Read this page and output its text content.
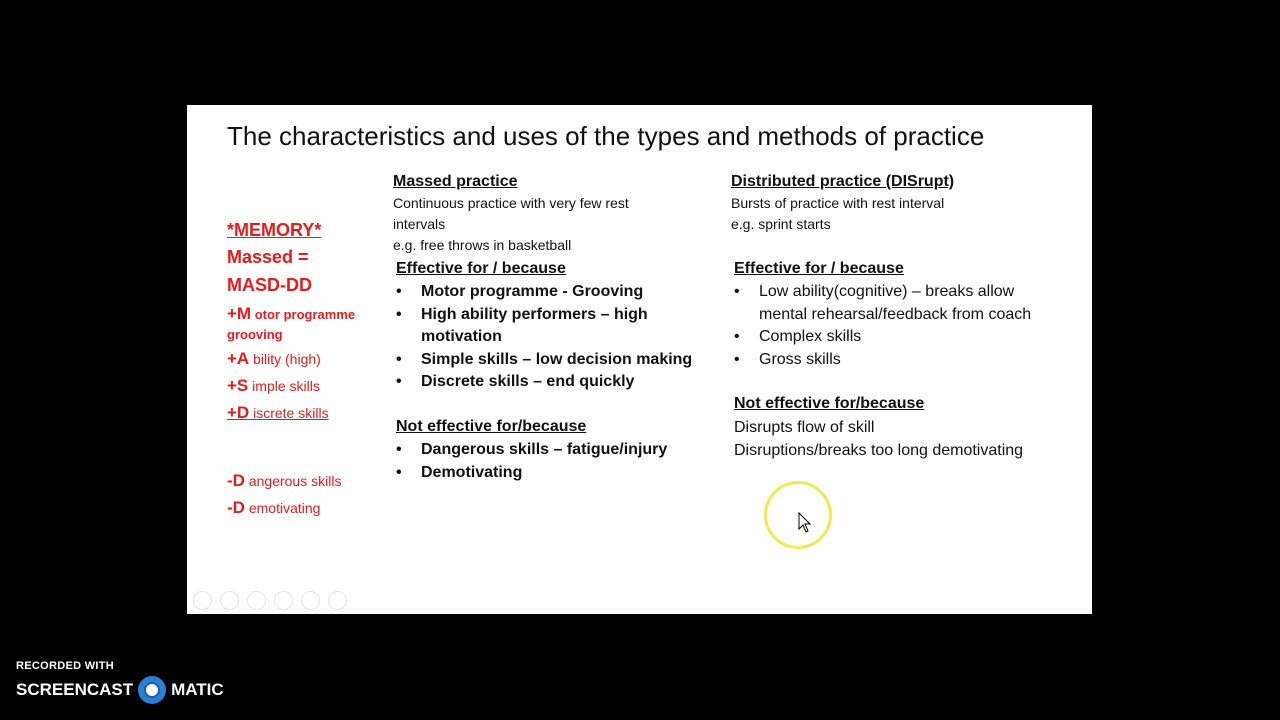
The characteristics and uses of the types and methods of practice
*MEMORY*
Massed =
MASD-DD
+M otor programme
grooving
+A bility (high)
+S imple skills
+D iscrete skills
-D angerous skills
-D emotivating
Massed practice
Continuous practice with very few rest
intervals
e.g. free throws in basketball
Effective for / because
• Motor programme - Grooving
• High ability performers – high motivation
• Simple skills – low decision making
• Discrete skills – end quickly
Not effective for/because
• Dangerous skills – fatigue/injury
• Demotivating
Distributed practice (DISrupt)
Bursts of practice with rest interval
e.g. sprint starts
Effective for / because
• Low ability(cognitive) – breaks allow mental rehearsal/feedback from coach
• Complex skills
• Gross skills
Not effective for/because
Disrupts flow of skill
Disruptions/breaks too long demotivating
RECORDED WITH
SCREENCAST MATIC
